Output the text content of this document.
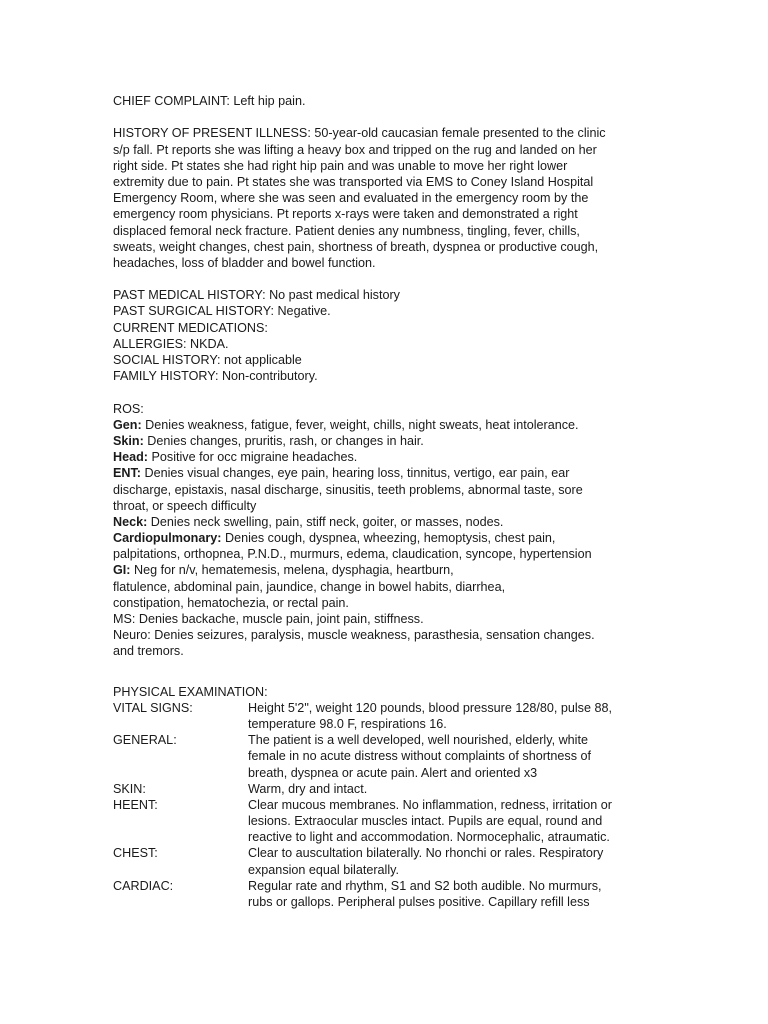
CHIEF COMPLAINT: Left hip pain.
HISTORY OF PRESENT ILLNESS: 50-year-old caucasian female presented to the clinic
s/p fall. Pt reports she was lifting a heavy box and tripped on the rug and landed on her
right side. Pt states she had right hip pain and was unable to move her right lower
extremity due to pain. Pt states she was transported via EMS to Coney Island Hospital
Emergency Room, where she was seen and evaluated in the emergency room by the
emergency room physicians. Pt reports x-rays were taken and demonstrated a right
displaced femoral neck fracture. Patient denies any numbness, tingling, fever, chills,
sweats, weight changes, chest pain, shortness of breath, dyspnea or productive cough,
headaches, loss of bladder and bowel function.
PAST MEDICAL HISTORY: No past medical history
PAST SURGICAL HISTORY: Negative.
CURRENT MEDICATIONS:
ALLERGIES: NKDA.
SOCIAL HISTORY: not applicable
FAMILY HISTORY: Non-contributory.
ROS:
Gen: Denies weakness, fatigue, fever, weight, chills, night sweats, heat intolerance.
Skin: Denies changes, pruritis, rash, or changes in hair.
Head: Positive for occ migraine headaches.
ENT: Denies visual changes, eye pain, hearing loss, tinnitus, vertigo, ear pain, ear
discharge, epistaxis, nasal discharge, sinusitis, teeth problems, abnormal taste, sore
throat, or speech difficulty
Neck: Denies neck swelling, pain, stiff neck, goiter, or masses, nodes.
Cardiopulmonary: Denies cough, dyspnea, wheezing, hemoptysis, chest pain,
palpitations, orthopnea, P.N.D., murmurs, edema, claudication, syncope, hypertension
GI: Neg for n/v, hematemesis, melena, dysphagia, heartburn,
flatulence, abdominal pain, jaundice, change in bowel habits, diarrhea,
constipation, hematochezia, or rectal pain.
MS: Denies backache, muscle pain, joint pain, stiffness.
Neuro: Denies seizures, paralysis, muscle weakness, parasthesia, sensation changes.
and tremors.
PHYSICAL EXAMINATION:
VITAL SIGNS:	Height 5'2", weight 120 pounds, blood pressure 128/80, pulse 88,
temperature 98.0 F, respirations 16.
GENERAL:	The patient is a well developed, well nourished, elderly, white
female in no acute distress without complaints of shortness of
breath, dyspnea or acute pain. Alert and oriented x3
SKIN:	Warm, dry and intact.
HEENT:	Clear mucous membranes. No inflammation, redness, irritation or
lesions. Extraocular muscles intact. Pupils are equal, round and
reactive to light and accommodation. Normocephalic, atraumatic.
CHEST:	Clear to auscultation bilaterally. No rhonchi or rales. Respiratory
expansion equal bilaterally.
CARDIAC:	Regular rate and rhythm, S1 and S2 both audible. No murmurs,
rubs or gallops. Peripheral pulses positive. Capillary refill less
